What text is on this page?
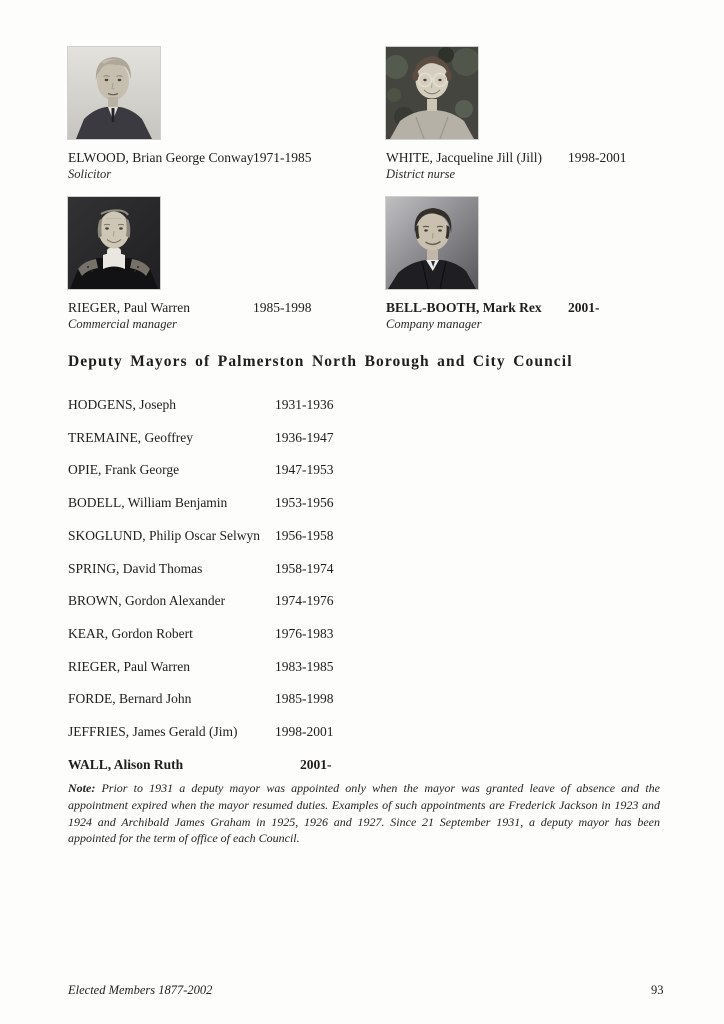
ELWOOD, Brian George Conway 1971-1985
Solicitor
WHITE, Jacqueline Jill (Jill) 1998-2001
District nurse
RIEGER, Paul Warren	1985-1998
Commercial manager
BELL-BOOTH, Mark Rex 2001-
Company manager
Deputy Mayors of Palmerston North Borough and City Council
HODGENS, Joseph	1931-1936
TREMAINE, Geoffrey	1936-1947
OPIE, Frank George	1947-1953
BODELL, William Benjamin	1953-1956
SKOGLUND, Philip Oscar Selwyn 1956-1958
SPRING, David Thomas	1958-1974
BROWN, Gordon Alexander	1974-1976
KEAR, Gordon Robert	1976-1983
RIEGER, Paul Warren	1983-1985
FORDE, Bernard John	1985-1998
JEFFRIES, James Gerald (Jim)	1998-2001
WALL, Alison Ruth	2001-

Note: Prior to 1931 a deputy mayor was appointed only when the mayor was granted leave of absence and the appointment expired when the mayor resumed duties. Examples of such appointments are Frederick Jackson in 1923 and 1924 and Archibald James Graham in 1925, 1926 and 1927. Since 21 September 1931, a deputy mayor has been appointed for the term of office of each Council.

Elected Members 1877-2002	93
